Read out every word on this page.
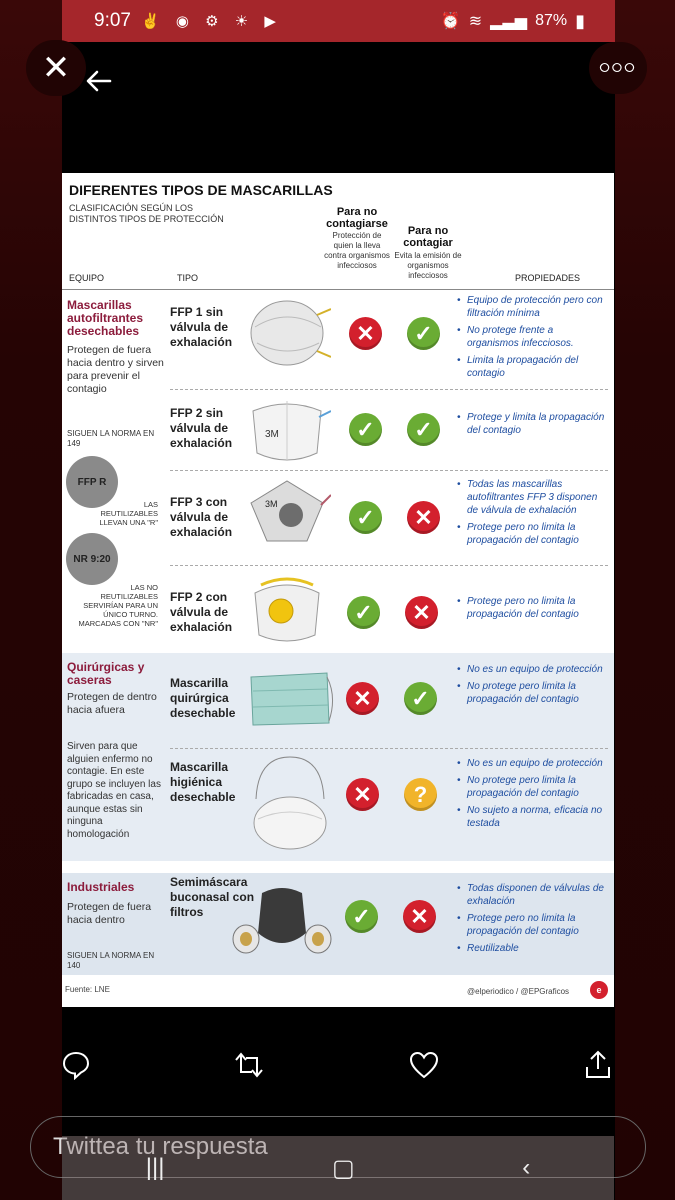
9:07 ✌ ◉ ⚙ ☀ ▶	⏰ ≋ ▂▃▅ 87% ▮
✕	⭘⭘⭘
DIFERENTES TIPOS DE MASCARILLAS
CLASIFICACIÓN SEGÚN LOS DISTINTOS TIPOS DE PROTECCIÓN
Para no contagiarse
Protección de quien la lleva contra organismos infecciosos
Para no contagiar
Evita la emisión de organismos infecciosos
EQUIPO	TIPO	PROPIEDADES
Mascarillas autofiltrantes desechables
Protegen de fuera hacia dentro y sirven para prevenir el contagio
SIGUEN LA NORMA EN 149
FFP R
LAS REUTILIZABLES LLEVAN UNA "R"
NR 9:20
LAS NO REUTILIZABLES SERVIRÍAN PARA UN ÚNICO TURNO. MARCADAS CON "NR"
FFP 1 sin válvula de exhalación	✕	✓
• Equipo de protección pero con filtración mínima
• No protege frente a organismos infecciosos.
• Limita la propagación del contagio
FFP 2 sin válvula de exhalación
3M	✓	✓	• Protege y limita la propagación del contagio
FFP 3 con válvula de exhalación
3M
✓	✕
• Todas las mascarillas autofiltrantes FFP 3 disponen de válvula de exhalación
• Protege pero no limita la propagación del contagio
FFP 2 con válvula de exhalación
✓	✕	• Protege pero no limita la propagación del contagio
Quirúrgicas y caseras
Protegen de dentro hacia afuera
Sirven para que alguien enfermo no contagie. En este grupo se incluyen las fabricadas en casa, aunque estas sin ninguna homologación
Mascarilla quirúrgica desechable
✕	✓
• No es un equipo de protección
• No protege pero limita la propagación del contagio
Mascarilla higiénica desechable	✕	?
• No es un equipo de protección
• No protege pero limita la propagación del contagio
• No sujeto a norma, eficacia no testada
Industriales
Protegen de fuera hacia dentro
SIGUEN LA NORMA EN 140
Semimáscara buconasal con filtros	✓	✕
• Todas disponen de válvulas de exhalación
• Protege pero no limita la propagación del contagio
• Reutilizable
Fuente: LNE	@elperiodico / @EPGraficos	e
Twittea tu respuesta
|||	▢	‹
